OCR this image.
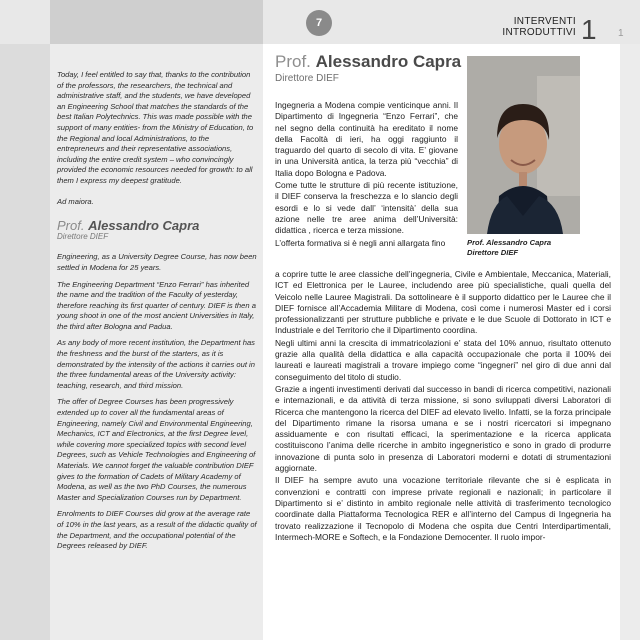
7	INTERVENTI
INTRODUTTIVI 1 1

Today, I feel entitled to say that, thanks to the contribution of the professors, the researchers, the technical and administrative staff, and the students, we have developed an Engineering School that matches the standards of the best Italian Polytechnics. This was made possible with the support of many entities- from the Ministry of Education, to the Regional and local Administrations, to the entrepreneurs and their representative associations, including the entire credit system – who convincingly provided the economic resources needed for growth: to all them I express my deepest gratitude.

Ad maiora.

Prof. Alessandro Capra
Direttore DIEF

Engineering, as a University Degree Course, has now been settled in Modena for 25 years.

The Engineering Department “Enzo Ferrari” has inherited the name and the tradition of the Faculty of yesterday, therefore reaching its first quarter of century. DIEF is then a young shoot in one of the most ancient Universities in Italy, the third after Bologna and Padua.

As any body of more recent institution, the Department has the freshness and the burst of the starters, as it is demonstrated by the intensity of the actions it carries out in the three fundamental areas of the University activity: teaching, research, and third mission.

The offer of Degree Courses has been progressively extended up to cover all the fundamental areas of Engineering, namely Civil and Environmental Engineering, Mechanics, ICT and Electronics, at the first Degree level, while covering more specialized topics with second level Degrees, such as Vehicle Technologies and Engineering of Materials. We cannot forget the valuable contribution DIEF gives to the formation of Cadets of Military Academy of Modena, as well as the two PhD Courses, the numerous Master and Specialization Courses run by Department.

Enrolments to DIEF Courses did grow at the average rate of 10% in the last years, as a result of the didactic quality of the Department, and the occupational potential of the Degrees released by DIEF.

Prof. Alessandro Capra
Direttore DIEF

Ingegneria a Modena compie venticinque anni. Il Dipartimento di Ingegneria “Enzo Ferrari”, che nel segno della continuità ha ereditato il nome della Facoltà di ieri, ha oggi raggiunto il traguardo del quarto di secolo di vita. E’ giovane in una Università antica, la terza più “vecchia” di Italia dopo Bologna e Padova.

Come tutte le strutture di più recente istituzione, il DIEF conserva la freschezza e lo slancio degli esordi e lo si vede dall’ ‘intensità’ della sua azione nelle tre aree anima dell’Università: didattica , ricerca e terza missione.

L’offerta formativa si è negli anni allargata fino	Prof. Alessandro Capra
Direttore DIEF

a coprire tutte le aree classiche dell’ingegneria, Civile e Ambientale, Meccanica, Materiali, ICT ed Elettronica per le Lauree, includendo aree più specialistiche, quali quella del Veicolo nelle Lauree Magistrali. Da sottolineare è il supporto didattico per le Lauree che il DIEF fornisce all’Accademia Militare di Modena, così come i numerosi Master ed i corsi professionalizzanti per strutture pubbliche e private e le due Scuole di Dottorato in ICT e Industriale e del Territorio che il Dipartimento coordina.

Negli ultimi anni la crescita di immatricolazioni e’ stata del 10% annuo, risultato ottenuto grazie alla qualità della didattica e alla capacità occupazionale che porta il 100% dei laureati e laureati magistrali a trovare impiego come “ingegneri” nel giro di due anni dal conseguimento del titolo di studio.

Grazie a ingenti investimenti derivati dal successo in bandi di ricerca competitivi, nazionali e internazionali, e da attività di terza missione, si sono sviluppati diversi Laboratori di Ricerca che mantengono la ricerca del DIEF ad elevato livello. Infatti, se la forza principale del Dipartimento rimane la risorsa umana e se i nostri ricercatori si impegnano assiduamente e con risultati efficaci, la sperimentazione e la ricerca applicata costituiscono l’anima delle ricerche in ambito ingegneristico e sono in grado di produrre innovazione di punta solo in presenza di Laboratori moderni e dotati di strumentazioni aggiornate.

Il DIEF ha sempre avuto una vocazione territoriale rilevante che si è esplicata in convenzioni e contratti con imprese private regionali e nazionali; in particolare il Dipartimento si e’ distinto in ambito regionale nelle attività di trasferimento tecnologico coordinate dalla Piattaforma Tecnologica RER e all’interno del Campus di Ingegneria ha trovato realizzazione il Tecnopolo di Modena che ospita due Centri Interdipartimentali, Intermech-MORE e Softech, e la Fondazione Democenter. Il ruolo impor-
